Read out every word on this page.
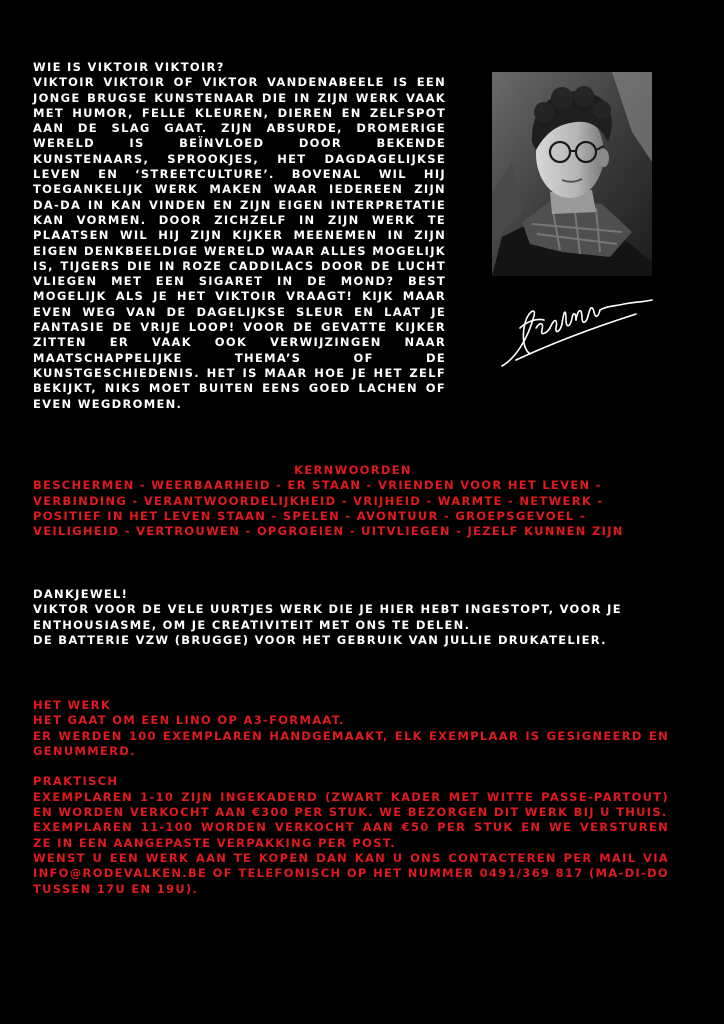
WIE IS VIKTOIR VIKTOIR?

VIKTOIR VIKTOIR OF VIKTOR VANDENABEELE IS EEN JONGE BRUGSE KUNSTENAAR DIE IN ZIJN WERK VAAK MET HUMOR, FELLE KLEUREN, DIEREN EN ZELFSPOT AAN DE SLAG GAAT. ZIJN ABSURDE, DROMERIGE WERELD IS BEÏNVLOED DOOR BEKENDE KUNSTENAARS, SPROOKJES, HET DAGDAGELIJKSE LEVEN EN ‘STREETCULTURE’. BOVENAL WIL HIJ TOEGANKELIJK WERK MAKEN WAAR IEDEREEN ZIJN DA-DA IN KAN VINDEN EN ZIJN EIGEN INTERPRETATIE KAN VORMEN. DOOR ZICHZELF IN ZIJN WERK TE PLAATSEN WIL HIJ ZIJN KIJKER MEENEMEN IN ZIJN EIGEN DENKBEELDIGE WERELD WAAR ALLES MOGELIJK IS, TIJGERS DIE IN ROZE CADDILACS DOOR DE LUCHT VLIEGEN MET EEN SIGARET IN DE MOND? BEST MOGELIJK ALS JE HET VIKTOIR VRAAGT! KIJK MAAR EVEN WEG VAN DE DAGELIJKSE SLEUR EN LAAT JE FANTASIE DE VRIJE LOOP! VOOR DE GEVATTE KIJKER ZITTEN ER VAAK OOK VERWIJZINGEN NAAR MAATSCHAPPELIJKE THEMA’S OF DE KUNSTGESCHIEDENIS. HET IS MAAR HOE JE HET ZELF BEKIJKT, NIKS MOET BUITEN EENS GOED LACHEN OF EVEN WEGDROMEN.

KERNWOORDEN

BESCHERMEN - WEERBAARHEID - ER STAAN - VRIENDEN VOOR HET LEVEN -

VERBINDING - VERANTWOORDELIJKHEID - VRIJHEID - WARMTE - NETWERK -

POSITIEF IN HET LEVEN STAAN - SPELEN - AVONTUUR - GROEPSGEVOEL -

VEILIGHEID - VERTROUWEN - OPGROEIEN - UITVLIEGEN - JEZELF KUNNEN ZIJN

DANKJEWEL!

VIKTOR VOOR DE VELE UURTJES WERK DIE JE HIER HEBT INGESTOPT, VOOR JE ENTHOUSIASME, OM JE CREATIVITEIT MET ONS TE DELEN.

DE BATTERIE VZW (BRUGGE) VOOR HET GEBRUIK VAN JULLIE DRUKATELIER.

HET WERK

HET GAAT OM EEN LINO OP A3-FORMAAT.

ER WERDEN 100 EXEMPLAREN HANDGEMAAKT, ELK EXEMPLAAR IS GESIGNEERD EN GENUMMERD.

PRAKTISCH

EXEMPLAREN 1-10 ZIJN INGEKADERD (ZWART KADER MET WITTE PASSE-PARTOUT) EN WORDEN VERKOCHT AAN €300 PER STUK. WE BEZORGEN DIT WERK BIJ U THUIS.

EXEMPLAREN 11-100 WORDEN VERKOCHT AAN €50 PER STUK EN WE VERSTUREN ZE IN EEN AANGEPASTE VERPAKKING PER POST.

WENST U EEN WERK AAN TE KOPEN DAN KAN U ONS CONTACTEREN PER MAIL VIA INFO@RODEVALKEN.BE OF TELEFONISCH OP HET NUMMER 0491/369 817 (MA-DI-DO TUSSEN 17U EN 19U).
